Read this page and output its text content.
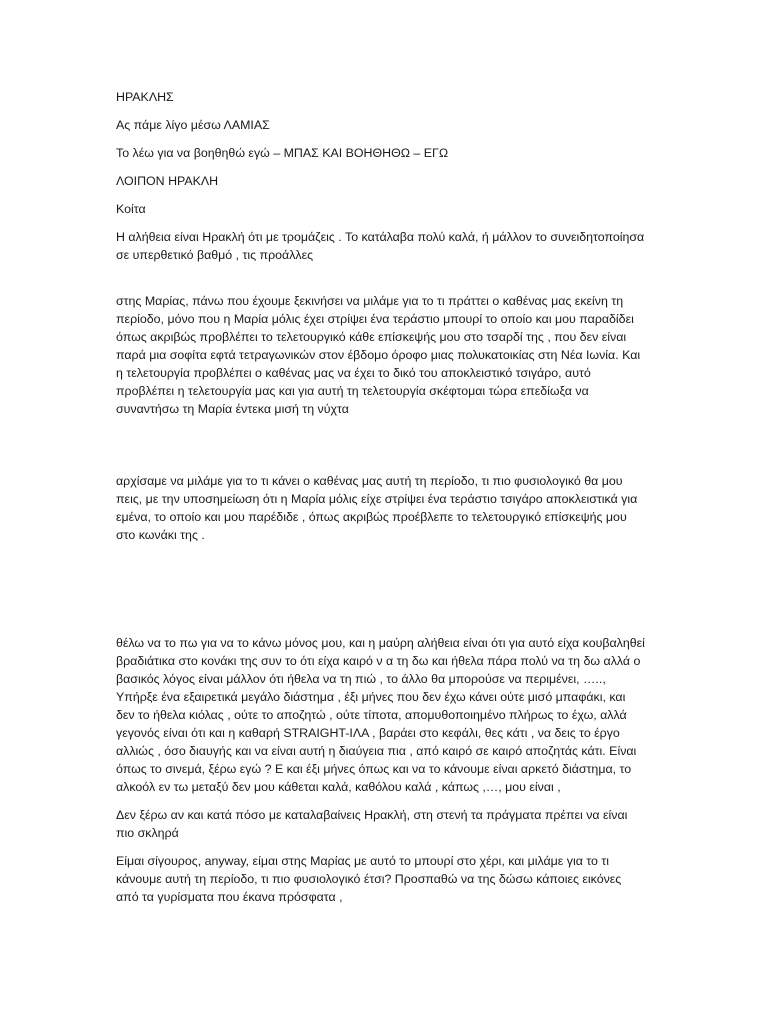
ΗΡΑΚΛΗΣ

Ας πάμε λίγο μέσω ΛΑΜΙΑΣ

Το λέω για να βοηθηθώ εγώ – ΜΠΑΣ ΚΑΙ ΒΟΗΘΗΘΩ – ΕΓΩ

ΛΟΙΠΟΝ ΗΡΑΚΛΗ

Κοίτα

Η αλήθεια είναι Ηρακλή ότι με τρομάζεις . Το κατάλαβα πολύ καλά, ή μάλλον το συνειδητοποίησα σε υπερθετικό βαθμό , τις προάλλες

στης Μαρίας, πάνω που έχουμε ξεκινήσει να μιλάμε για το τι πράττει ο καθένας μας εκείνη τη περίοδο, μόνο που η Μαρία μόλις έχει στρίψει ένα τεράστιο μπουρί το οποίο και μου παραδίδει όπως ακριβώς προβλέπει το τελετουργικό κάθε επίσκεψής μου στο τσαρδί της , που δεν είναι παρά μια σοφίτα εφτά τετραγωνικών στον έβδομο όροφο μιας πολυκατοικίας στη Νέα Ιωνία. Και η τελετουργία προβλέπει ο καθένας μας να έχει το δικό του αποκλειστικό τσιγάρο, αυτό προβλέπει η τελετουργία μας και για αυτή τη τελετουργία σκέφτομαι τώρα επεδίωξα να συναντήσω τη Μαρία έντεκα μισή τη νύχτα

αρχίσαμε να μιλάμε για το τι κάνει ο καθένας μας αυτή τη περίοδο, τι πιο φυσιολογικό θα μου πεις, με την υποσημείωση ότι η Μαρία μόλις είχε στρίψει ένα τεράστιο τσιγάρο αποκλειστικά για εμένα, το οποίο και μου παρέδιδε , όπως ακριβώς προέβλεπε το τελετουργικό επίσκεψής μου στο κωνάκι της .

θέλω να το πω για να το κάνω μόνος μου, και η μαύρη αλήθεια είναι ότι για αυτό είχα κουβαληθεί βραδιάτικα στο κονάκι της συν το ότι είχα καιρό ν α τη δω και ήθελα πάρα πολύ να τη δω αλλά ο βασικός λόγος είναι μάλλον ότι ήθελα να τη πιώ , το άλλο θα μπορούσε να περιμένει, ….., Υπήρξε ένα εξαιρετικά μεγάλο διάστημα , έξι μήνες που δεν έχω κάνει ούτε μισό μπαφάκι, και δεν το ήθελα κιόλας , ούτε το αποζητώ , ούτε τίποτα, απομυθοποιημένο πλήρως το έχω, αλλά γεγονός είναι ότι και η καθαρή STRAIGHT-ΙΛΑ , βαράει στο κεφάλι, θες κάτι , να δεις το έργο αλλιώς , όσο διαυγής και να είναι αυτή η διαύγεια πια , από καιρό σε καιρό αποζητάς κάτι. Είναι όπως το σινεμά, ξέρω εγώ ? Ε και έξι μήνες όπως και να το κάνουμε είναι αρκετό διάστημα, το αλκοόλ εν τω μεταξύ δεν μου κάθεται καλά, καθόλου καλά , κάπως ,…, μου είναι ,

Δεν ξέρω αν και κατά πόσο με καταλαβαίνεις Ηρακλή, στη στενή τα πράγματα πρέπει να είναι πιο σκληρά

Είμαι σίγουρος, anyway, είμαι στης Μαρίας με αυτό το μπουρί στο χέρι, και μιλάμε για το τι κάνουμε αυτή τη περίοδο, τι πιο φυσιολογικό έτσι? Προσπαθώ να της δώσω κάποιες εικόνες από τα γυρίσματα που έκανα πρόσφατα ,
